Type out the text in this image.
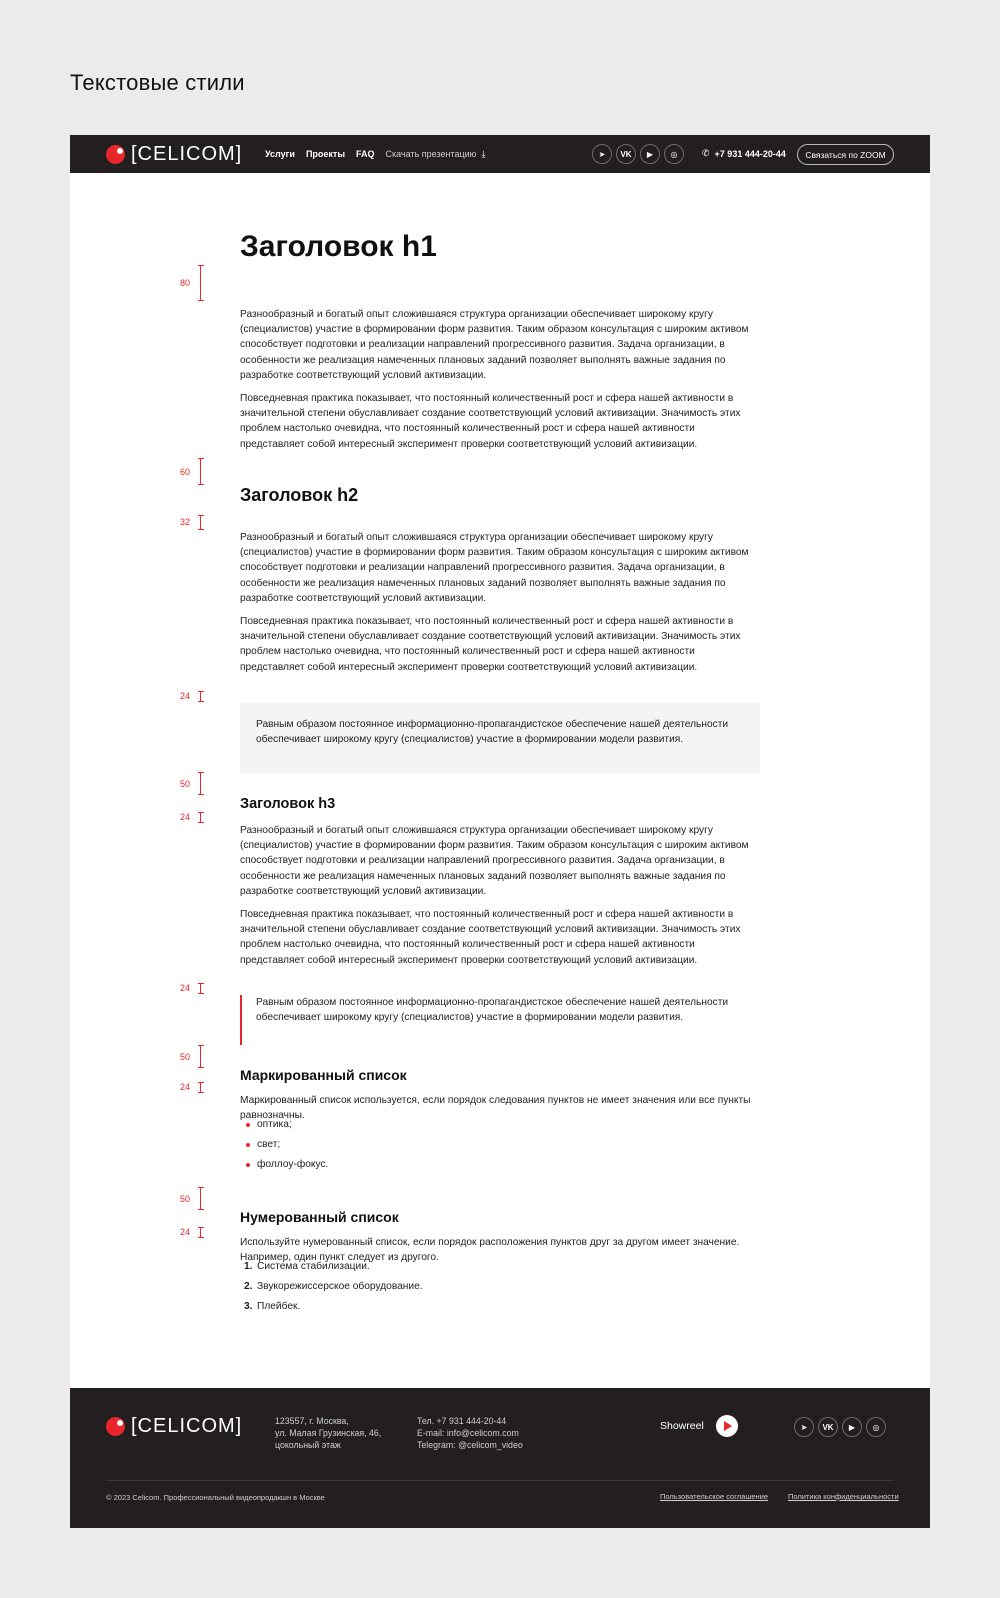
Текстовые стили
[CELICOM]	Услуги Проекты FAQ Скачать презентацию ⤓	➤	VK	▶	◎	✆ +7 931 444-20-44	Связаться по ZOOM
80
60
32
24
50
24
24
50
24
50
24
Заголовок h1

Разнообразный и богатый опыт сложившаяся структура организации обеспечивает широкому кругу (специалистов) участие в формировании форм развития. Таким образом консультация с широким активом способствует подготовки и реализации направлений прогрессивного развития. Задача организации, в особенности же реализация намеченных плановых заданий позволяет выполнять важные задания по разработке соответствующий условий активизации.

Повседневная практика показывает, что постоянный количественный рост и сфера нашей активности в значительной степени обуславливает создание соответствующий условий активизации. Значимость этих проблем настолько очевидна, что постоянный количественный рост и сфера нашей активности представляет собой интересный эксперимент проверки соответствующий условий активизации.

Заголовок h2

Разнообразный и богатый опыт сложившаяся структура организации обеспечивает широкому кругу (специалистов) участие в формировании форм развития. Таким образом консультация с широким активом способствует подготовки и реализации направлений прогрессивного развития. Задача организации, в особенности же реализация намеченных плановых заданий позволяет выполнять важные задания по разработке соответствующий условий активизации.

Повседневная практика показывает, что постоянный количественный рост и сфера нашей активности в значительной степени обуславливает создание соответствующий условий активизации. Значимость этих проблем настолько очевидна, что постоянный количественный рост и сфера нашей активности представляет собой интересный эксперимент проверки соответствующий условий активизации.

Равным образом постоянное информационно-пропагандистское обеспечение нашей деятельности обеспечивает широкому кругу (специалистов) участие в формировании модели развития.
Заголовок h3

Разнообразный и богатый опыт сложившаяся структура организации обеспечивает широкому кругу (специалистов) участие в формировании форм развития. Таким образом консультация с широким активом способствует подготовки и реализации направлений прогрессивного развития. Задача организации, в особенности же реализация намеченных плановых заданий позволяет выполнять важные задания по разработке соответствующий условий активизации.

Повседневная практика показывает, что постоянный количественный рост и сфера нашей активности в значительной степени обуславливает создание соответствующий условий активизации. Значимость этих проблем настолько очевидна, что постоянный количественный рост и сфера нашей активности представляет собой интересный эксперимент проверки соответствующий условий активизации.

Равным образом постоянное информационно-пропагандистское обеспечение нашей деятельности обеспечивает широкому кругу (специалистов) участие в формировании модели развития.
Маркированный список

Маркированный список используется, если порядок следования пунктов не имеет значения или все пункты равнозначны.

оптика;
свет;
фоллоу-фокус.
Нумерованный список

Используйте нумерованный список, если порядок расположения пунктов друг за другом имеет значение. Например, один пункт следует из другого.

1. Система стабилизации.
2. Звукорежиссерское оборудование.
3. Плейбек.
[CELICOM]	123557, г. Москва,
ул. Малая Грузинская, 46,
цокольный этаж
Тел. +7 931 444-20-44
E-mail: info@celicom.com
Telegram: @celicom_video
Showreel	➤	VK	▶	◎
© 2023 Celicom. Профессиональный видеопродакшн в Москве	Пользовательское соглашение	Политика конфиденциальности
